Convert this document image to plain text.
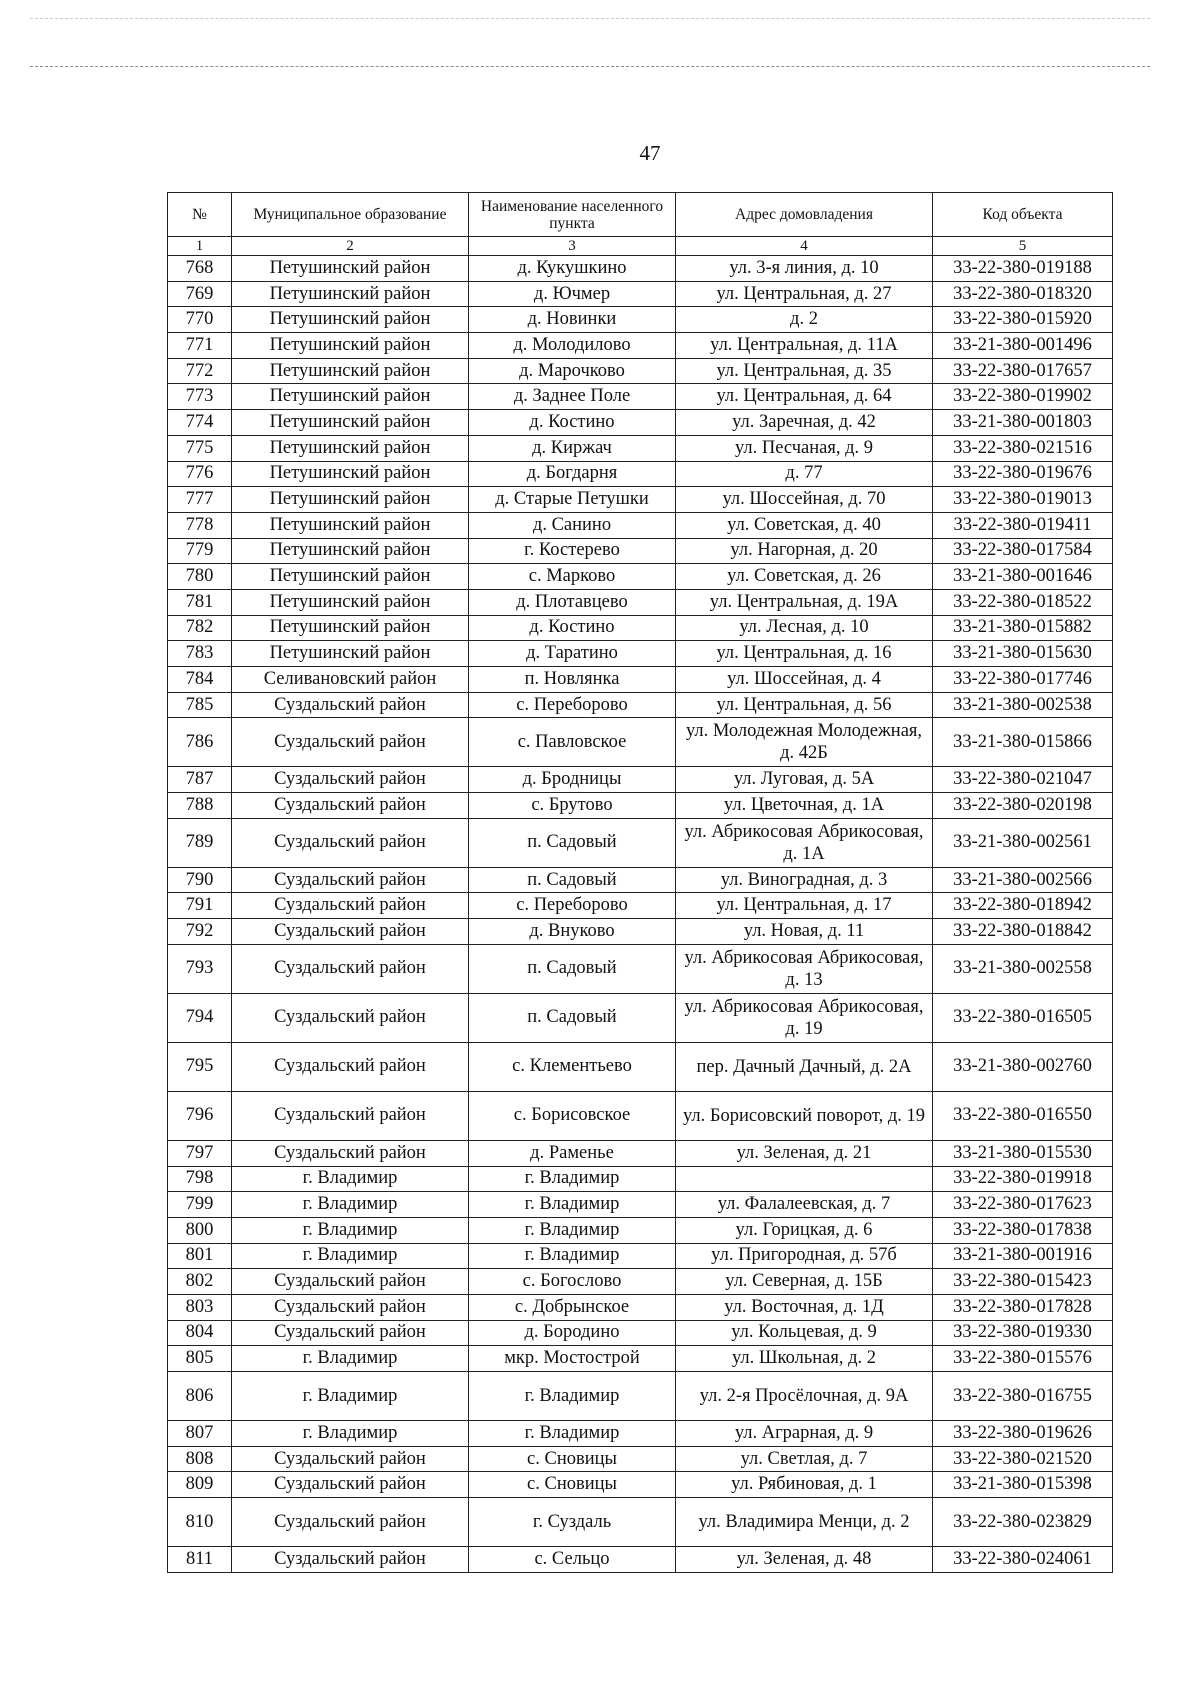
47
№	Муниципальное образование	Наименование населенного пункта	Адрес домовладения	Код объекта
1	2	3	4	5
768	Петушинский район	д. Кукушкино	ул. 3-я линия, д. 10	33-22-380-019188
769	Петушинский район	д. Ючмер	ул. Центральная, д. 27	33-22-380-018320
770	Петушинский район	д. Новинки	д. 2	33-22-380-015920
771	Петушинский район	д. Молодилово	ул. Центральная, д. 11А	33-21-380-001496
772	Петушинский район	д. Марочково	ул. Центральная, д. 35	33-22-380-017657
773	Петушинский район	д. Заднее Поле	ул. Центральная, д. 64	33-22-380-019902
774	Петушинский район	д. Костино	ул. Заречная, д. 42	33-21-380-001803
775	Петушинский район	д. Киржач	ул. Песчаная, д. 9	33-22-380-021516
776	Петушинский район	д. Богдарня	д. 77	33-22-380-019676
777	Петушинский район	д. Старые Петушки	ул. Шоссейная, д. 70	33-22-380-019013
778	Петушинский район	д. Санино	ул. Советская, д. 40	33-22-380-019411
779	Петушинский район	г. Костерево	ул. Нагорная, д. 20	33-22-380-017584
780	Петушинский район	с. Марково	ул. Советская, д. 26	33-21-380-001646
781	Петушинский район	д. Плотавцево	ул. Центральная, д. 19А	33-22-380-018522
782	Петушинский район	д. Костино	ул. Лесная, д. 10	33-21-380-015882
783	Петушинский район	д. Таратино	ул. Центральная, д. 16	33-21-380-015630
784	Селивановский район	п. Новлянка	ул. Шоссейная, д. 4	33-22-380-017746
785	Суздальский район	с. Переборово	ул. Центральная, д. 56	33-21-380-002538
786	Суздальский район	с. Павловское	ул. Молодежная Молодежная, д. 42Б	33-21-380-015866
787	Суздальский район	д. Бродницы	ул. Луговая, д. 5А	33-22-380-021047
788	Суздальский район	с. Брутово	ул. Цветочная, д. 1А	33-22-380-020198
789	Суздальский район	п. Садовый	ул. Абрикосовая Абрикосовая, д. 1А	33-21-380-002561
790	Суздальский район	п. Садовый	ул. Виноградная, д. 3	33-21-380-002566
791	Суздальский район	с. Переборово	ул. Центральная, д. 17	33-22-380-018942
792	Суздальский район	д. Внуково	ул. Новая, д. 11	33-22-380-018842
793	Суздальский район	п. Садовый	ул. Абрикосовая Абрикосовая, д. 13	33-21-380-002558
794	Суздальский район	п. Садовый	ул. Абрикосовая Абрикосовая, д. 19	33-22-380-016505
795	Суздальский район	с. Клементьево	пер. Дачный Дачный, д. 2А	33-21-380-002760
796	Суздальский район	с. Борисовское	ул. Борисовский поворот, д. 19	33-22-380-016550
797	Суздальский район	д. Раменье	ул. Зеленая, д. 21	33-21-380-015530
798	г. Владимир	г. Владимир		33-22-380-019918
799	г. Владимир	г. Владимир	ул. Фалалеевская, д. 7	33-22-380-017623
800	г. Владимир	г. Владимир	ул. Горицкая, д. 6	33-22-380-017838
801	г. Владимир	г. Владимир	ул. Пригородная, д. 57б	33-21-380-001916
802	Суздальский район	с. Богослово	ул. Северная, д. 15Б	33-22-380-015423
803	Суздальский район	с. Добрынское	ул. Восточная, д. 1Д	33-22-380-017828
804	Суздальский район	д. Бородино	ул. Кольцевая, д. 9	33-22-380-019330
805	г. Владимир	мкр. Мостострой	ул. Школьная, д. 2	33-22-380-015576
806	г. Владимир	г. Владимир	ул. 2-я Просёлочная, д. 9А	33-22-380-016755
807	г. Владимир	г. Владимир	ул. Аграрная, д. 9	33-22-380-019626
808	Суздальский район	с. Сновицы	ул. Светлая, д. 7	33-22-380-021520
809	Суздальский район	с. Сновицы	ул. Рябиновая, д. 1	33-21-380-015398
810	Суздальский район	г. Суздаль	ул. Владимира Менци, д. 2	33-22-380-023829
811	Суздальский район	с. Сельцо	ул. Зеленая, д. 48	33-22-380-024061
